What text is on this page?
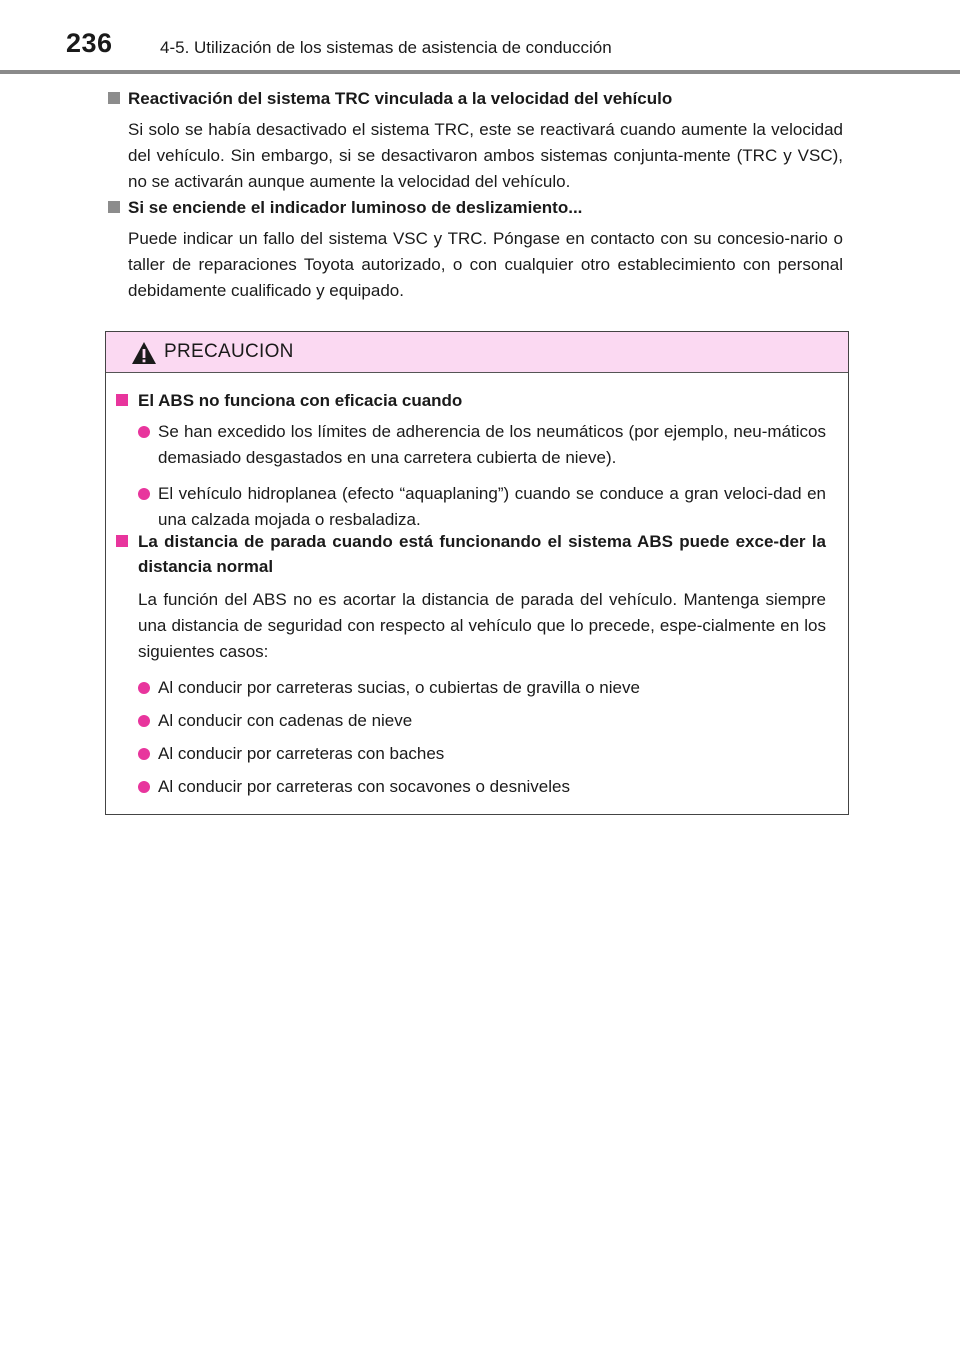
236	4-5. Utilización de los sistemas de asistencia de conducción
Reactivación del sistema TRC vinculada a la velocidad del vehículo
Si solo se había desactivado el sistema TRC, este se reactivará cuando aumente la velocidad del vehículo. Sin embargo, si se desactivaron ambos sistemas conjunta-mente (TRC y VSC), no se activarán aunque aumente la velocidad del vehículo.
Si se enciende el indicador luminoso de deslizamiento...
Puede indicar un fallo del sistema VSC y TRC. Póngase en contacto con su concesio-nario o taller de reparaciones Toyota autorizado, o con cualquier otro establecimiento con personal debidamente cualificado y equipado.
PRECAUCION
El ABS no funciona con eficacia cuando
Se han excedido los límites de adherencia de los neumáticos (por ejemplo, neu-máticos demasiado desgastados en una carretera cubierta de nieve).
El vehículo hidroplanea (efecto “aquaplaning”) cuando se conduce a gran veloci-dad en una calzada mojada o resbaladiza.
La distancia de parada cuando está funcionando el sistema ABS puede exce-der la distancia normal
La función del ABS no es acortar la distancia de parada del vehículo. Mantenga siempre una distancia de seguridad con respecto al vehículo que lo precede, espe-cialmente en los siguientes casos:
Al conducir por carreteras sucias, o cubiertas de gravilla o nieve
Al conducir con cadenas de nieve
Al conducir por carreteras con baches
Al conducir por carreteras con socavones o desniveles
